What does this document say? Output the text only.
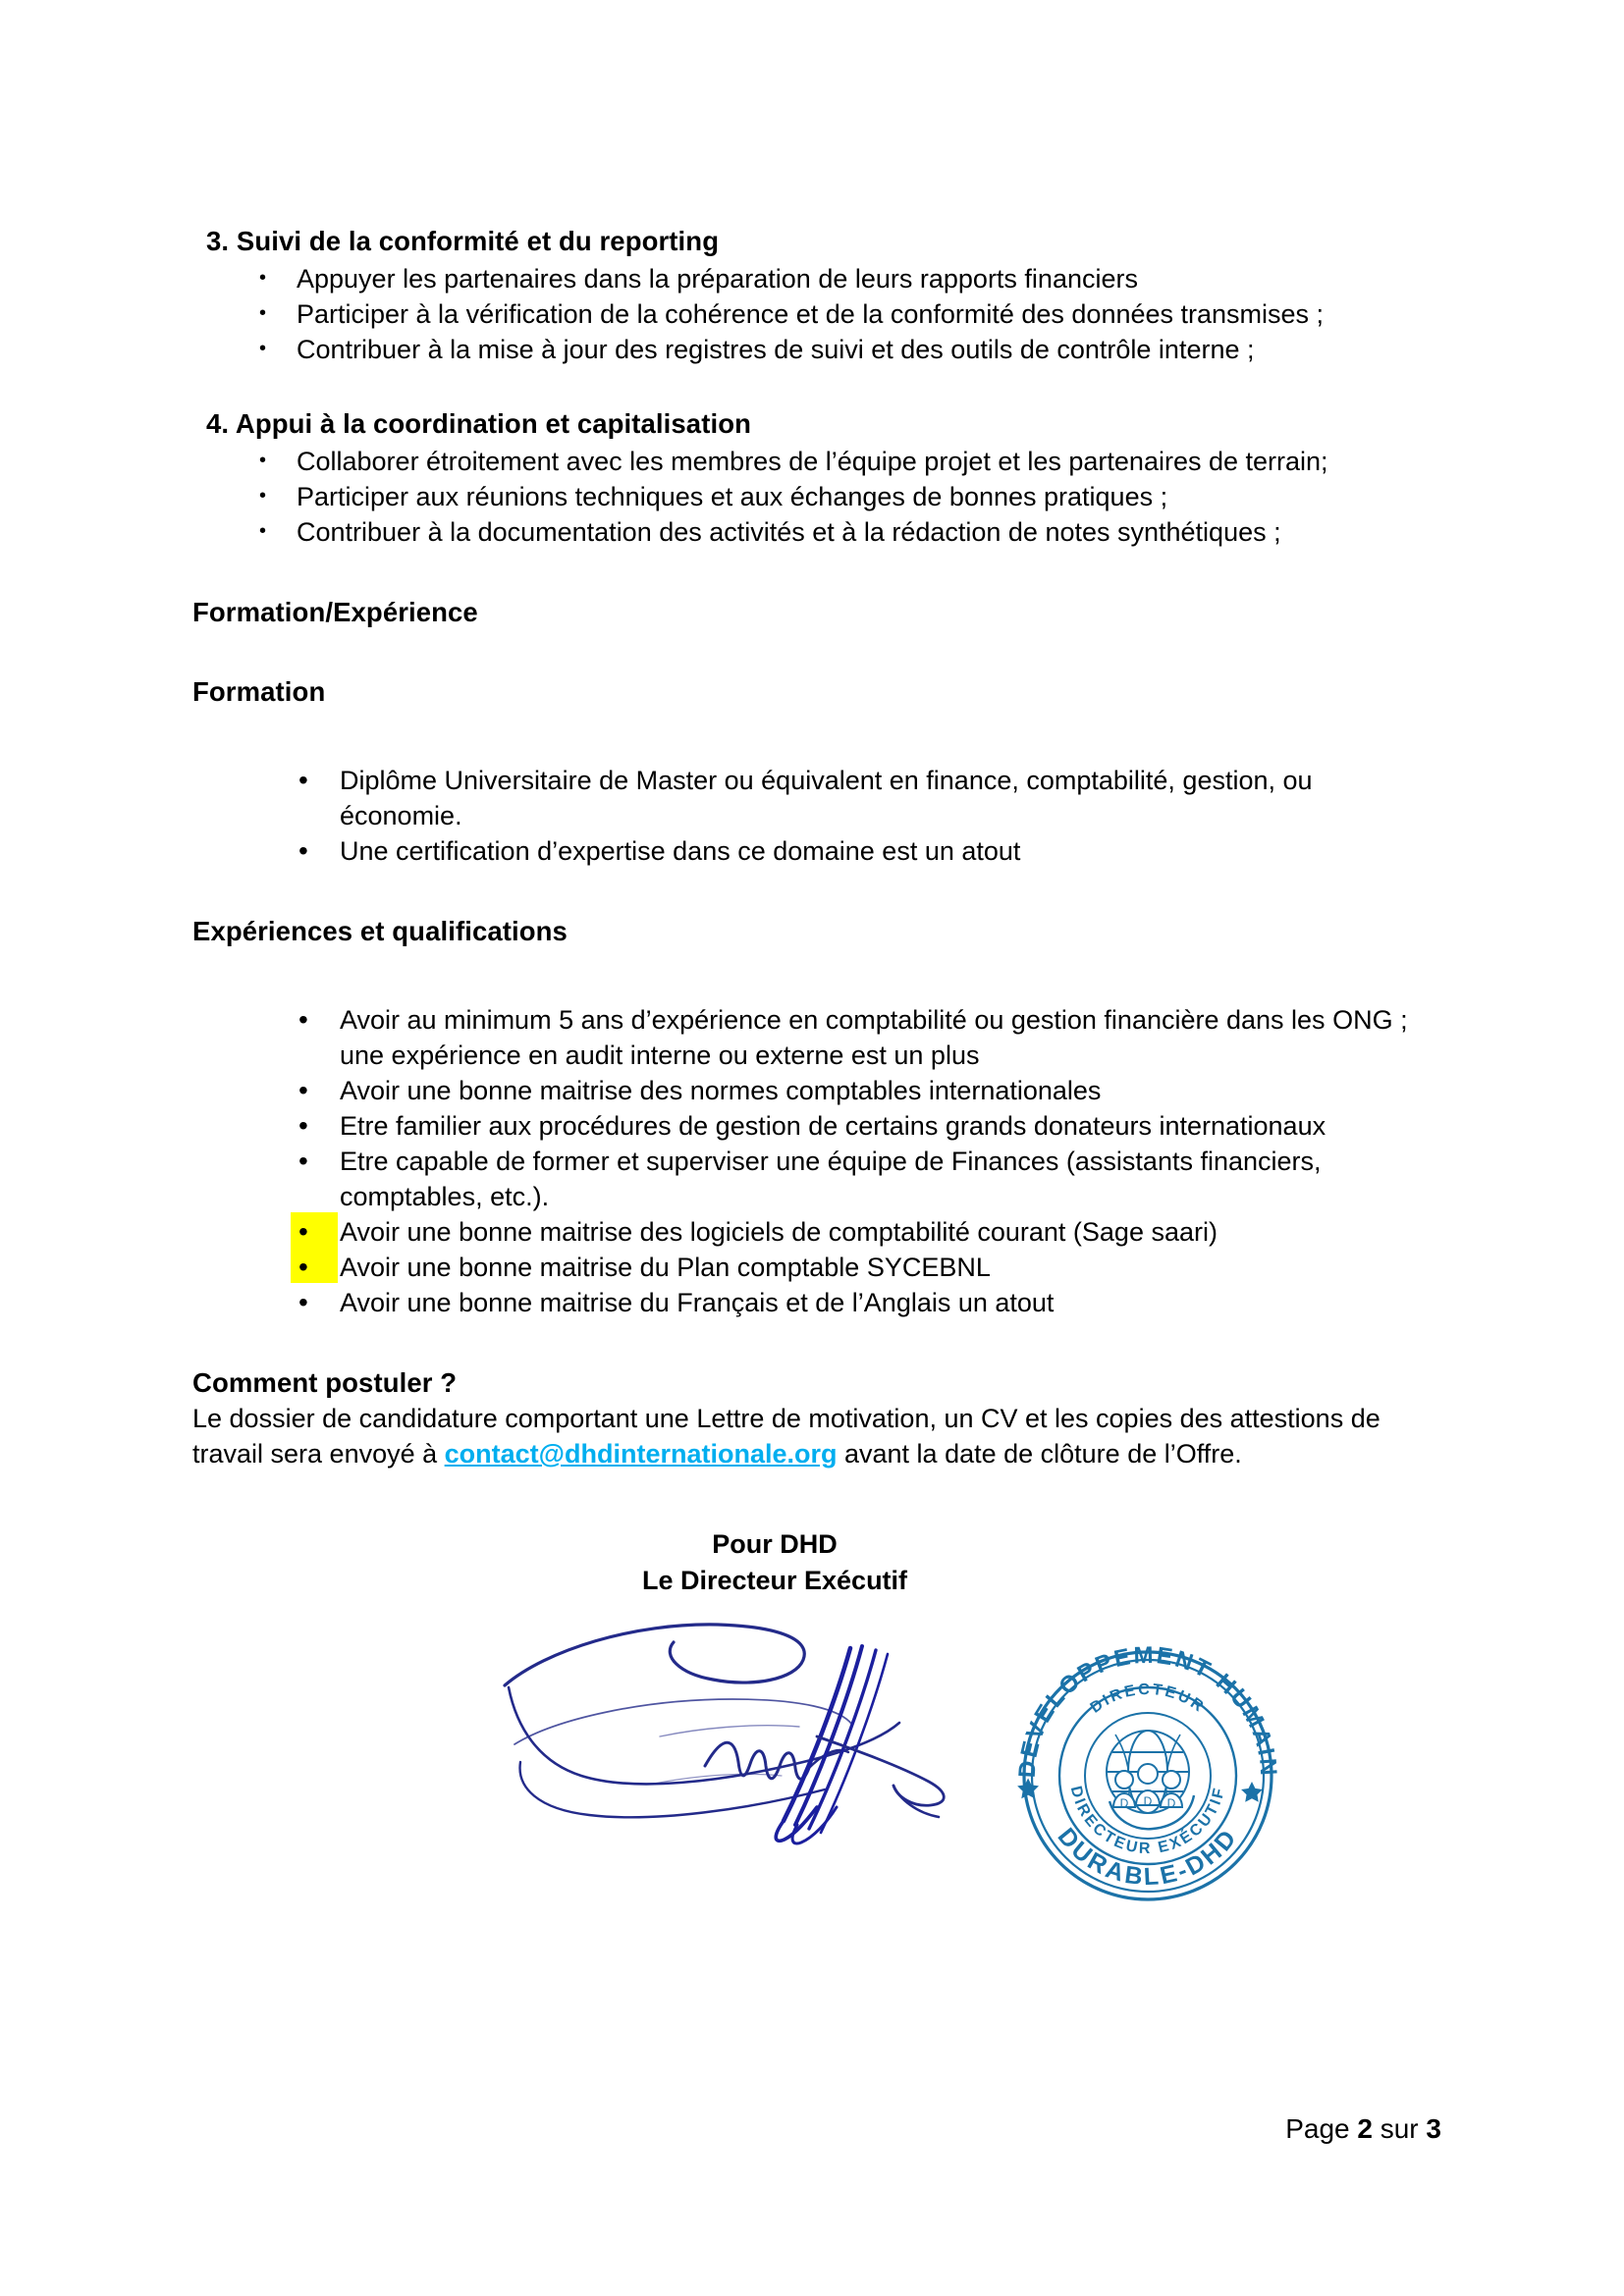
3. Suivi de la conformité et du reporting
• Appuyer les partenaires dans la préparation de leurs rapports financiers
• Participer à la vérification de la cohérence et de la conformité des données transmises ;
• Contribuer à la mise à jour des registres de suivi et des outils de contrôle interne ;
4. Appui à la coordination et capitalisation
• Collaborer étroitement avec les membres de l’équipe projet et les partenaires de terrain;
• Participer aux réunions techniques et aux échanges de bonnes pratiques ;
• Contribuer à la documentation des activités et à la rédaction de notes synthétiques ;
Formation/Expérience
Formation
• Diplôme Universitaire de Master ou équivalent en finance, comptabilité, gestion, ou économie.
• Une certification d’expertise dans ce domaine est un atout
Expériences et qualifications
• Avoir au minimum 5 ans d’expérience en comptabilité ou gestion financière dans les ONG ; une expérience en audit interne ou externe est un plus
• Avoir une bonne maitrise des normes comptables internationales
• Etre familier aux procédures de gestion de certains grands donateurs internationaux
• Etre capable de former et superviser une équipe de Finances (assistants financiers, comptables, etc.).
• Avoir une bonne maitrise des logiciels de comptabilité courant (Sage saari)
• Avoir une bonne maitrise du Plan comptable SYCEBNL
• Avoir une bonne maitrise du Français et de l’Anglais un atout
Comment postuler ?

Le dossier de candidature comportant une Lettre de motivation, un CV et les copies des attestions de travail sera envoyé à contact@dhdinternationale.org avant la date de clôture de l’Offre.

Pour DHD
Le Directeur Exécutif
DEVELOPPEMENT HUMAIN
DURABLE-DHD
DIRECTEUR
DIRECTEUR EXÉCUTIF
D D D
Page 2 sur 3
